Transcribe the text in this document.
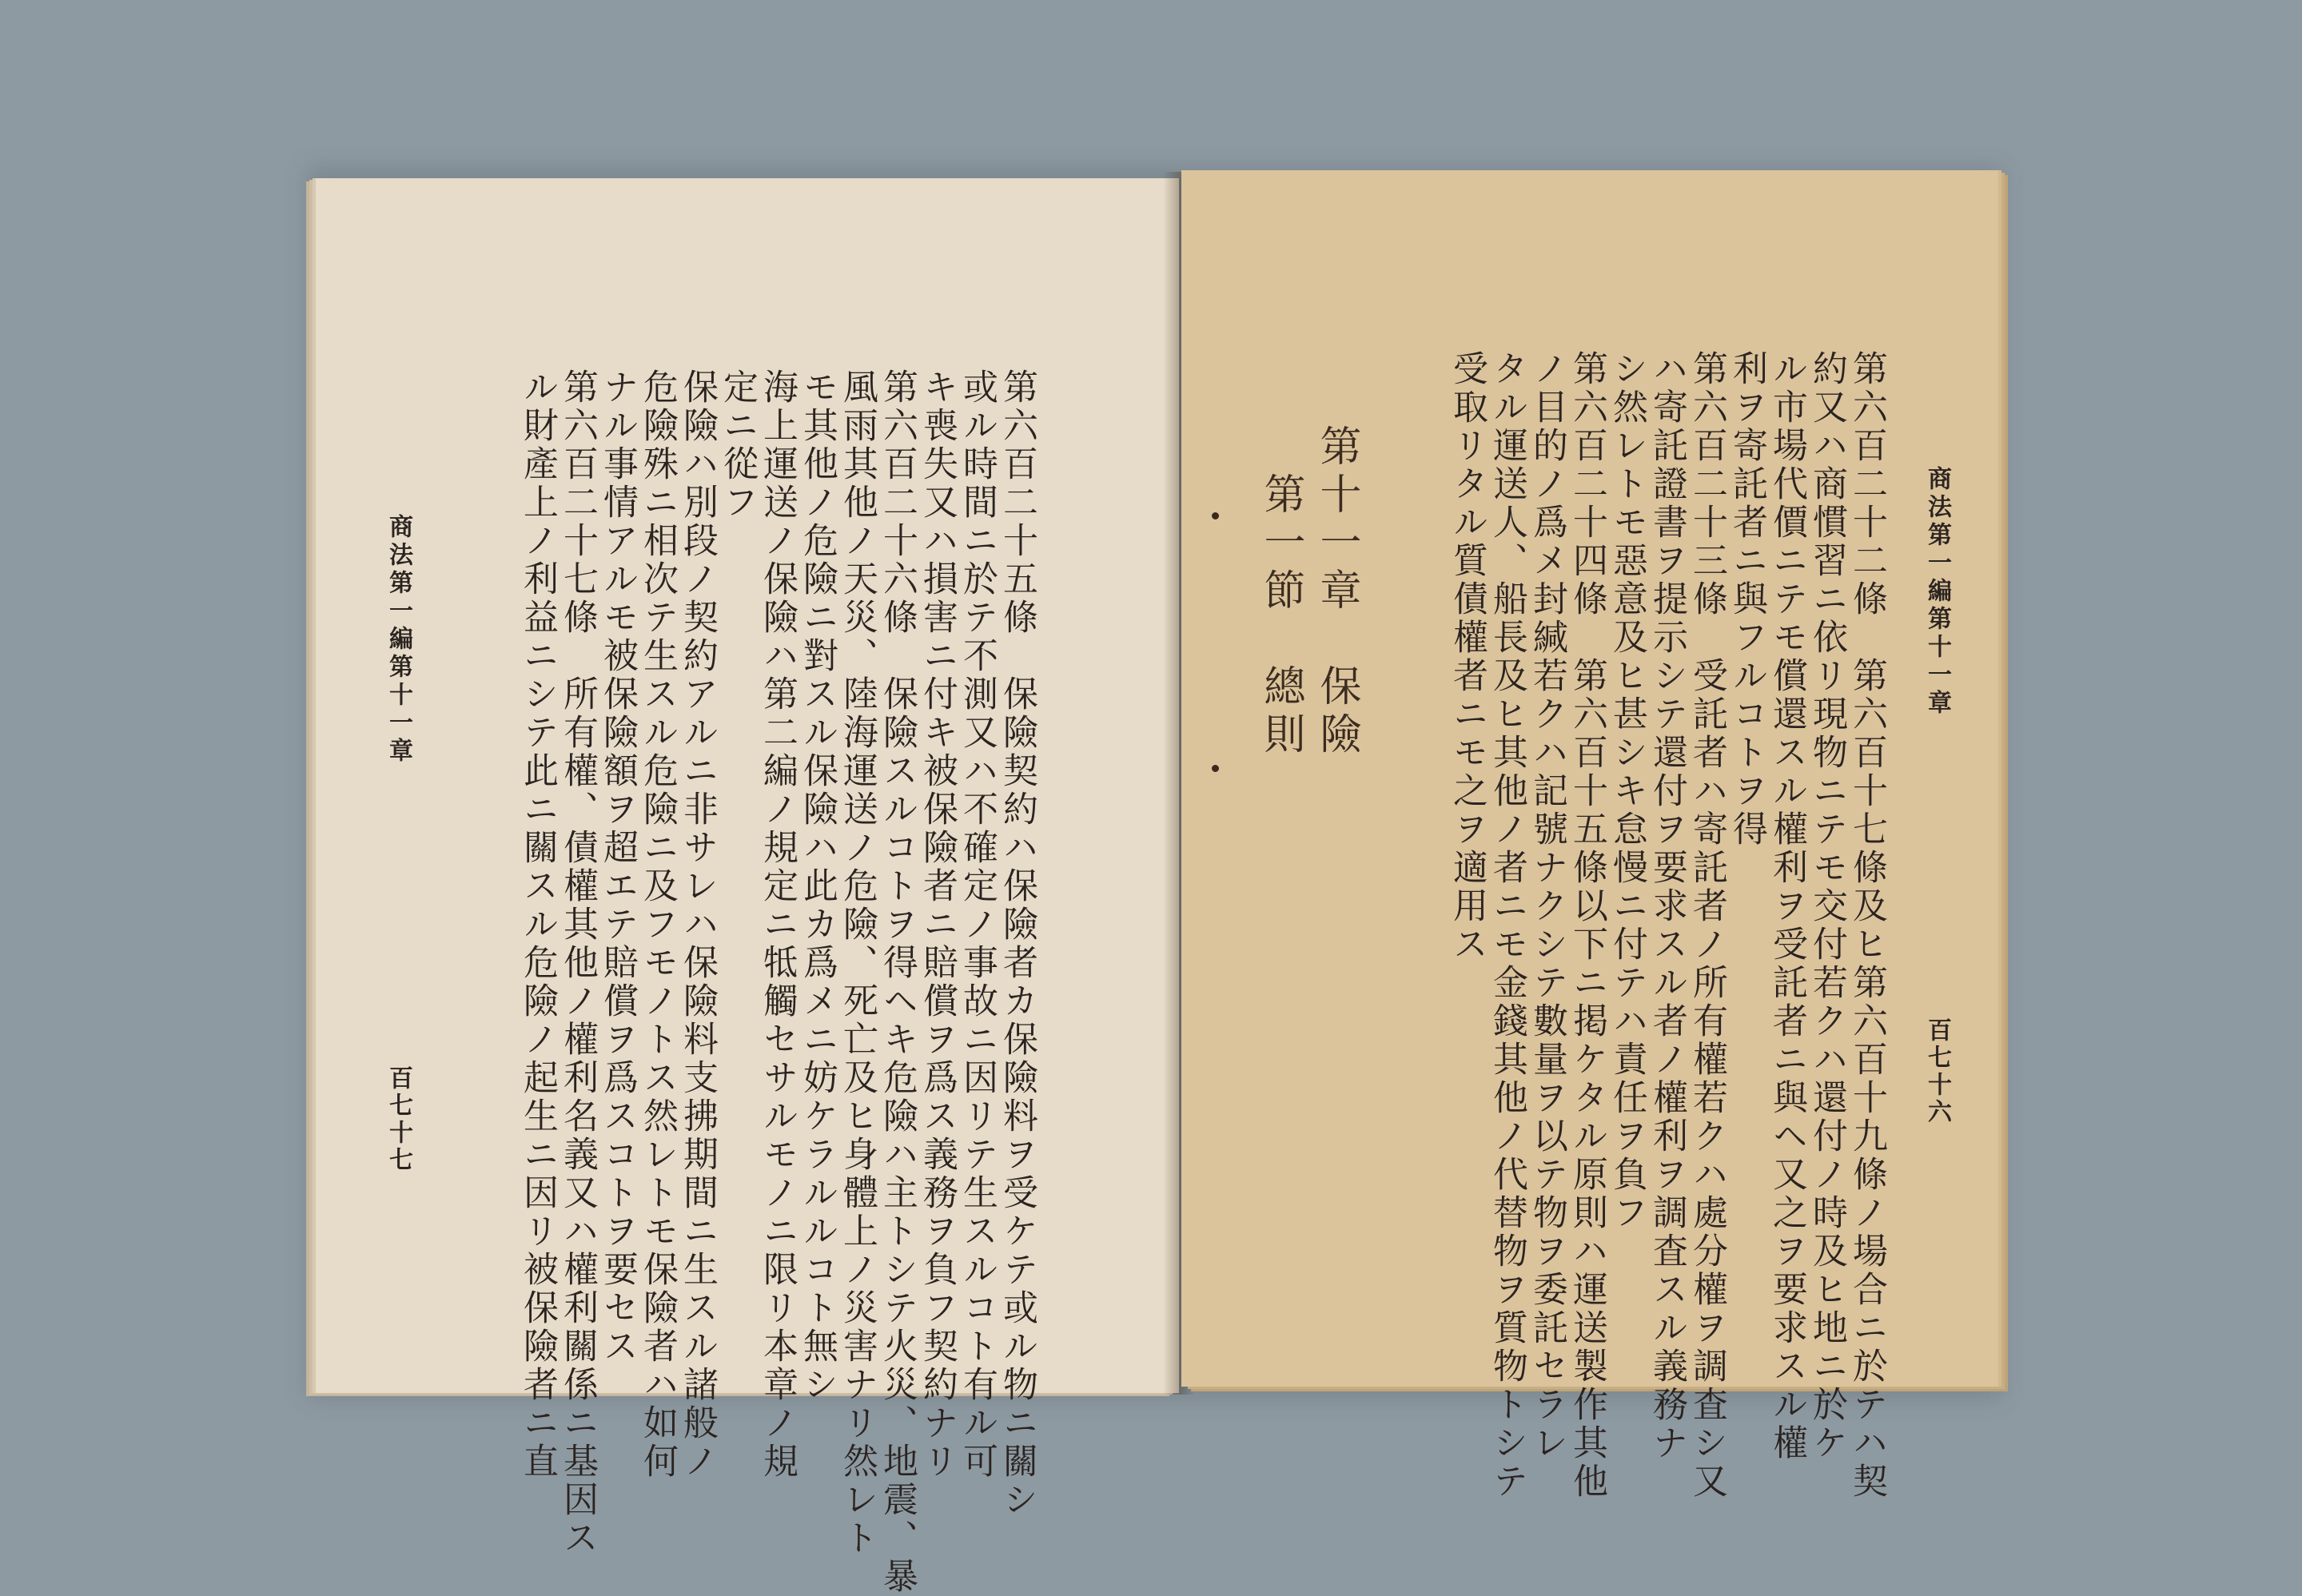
第六百二十五條　保險契約ハ保險者カ保險料ヲ受ケテ或ル物ニ關シ
或ル時間ニ於テ不測又ハ不確定ノ事故ニ因リテ生スルコト有ル可
キ喪失又ハ損害ニ付キ被保險者ニ賠償ヲ爲ス義務ヲ負フ契約ナリ
第六百二十六條　保險スルコトヲ得ヘキ危險ハ主トシテ火災、地震、暴
風雨其他ノ天災、陸海運送ノ危險、死亡及ヒ身體上ノ災害ナリ然レト
モ其他ノ危險ニ對スル保險ハ此カ爲メニ妨ケラルルコト無シ
海上運送ノ保險ハ第二編ノ規定ニ牴觸セサルモノニ限リ本章ノ規
定ニ從フ
保險ハ別段ノ契約アルニ非サレハ保險料支拂期間ニ生スル諸般ノ
危險殊ニ相次テ生スル危險ニ及フモノトス然レトモ保險者ハ如何
ナル事情アルモ被保險額ヲ超エテ賠償ヲ爲スコトヲ要セス
第六百二十七條　所有權、債權其他ノ權利名義又ハ權利關係ニ基因ス
ル財產上ノ利益ニシテ此ニ關スル危險ノ起生ニ因リ被保險者ニ直
商法第一編第十一章
百七十七
商法第一編第十一章
百七十六
第六百二十二條　第六百十七條及ヒ第六百十九條ノ場合ニ於テハ契
約又ハ商慣習ニ依リ現物ニテモ交付若クハ還付ノ時及ヒ地ニ於ケ
ル市場代價ニテモ償還スル權利ヲ受託者ニ與ヘ又之ヲ要求スル權
利ヲ寄託者ニ與フルコトヲ得
第六百二十三條　受託者ハ寄託者ノ所有權若クハ處分權ヲ調査シ又
ハ寄託證書ヲ提示シテ還付ヲ要求スル者ノ權利ヲ調査スル義務ナ
シ然レトモ惡意及ヒ甚シキ怠慢ニ付テハ責任ヲ負フ
第六百二十四條　第六百十五條以下ニ掲ケタル原則ハ運送製作其他
ノ目的ノ爲メ封緘若クハ記號ナクシテ數量ヲ以テ物ヲ委託セラレ
タル運送人、船長及ヒ其他ノ者ニモ金錢其他ノ代替物ヲ質物トシテ
受取リタル質債權者ニモ之ヲ適用ス
第十一章　保險
第一節　總則
